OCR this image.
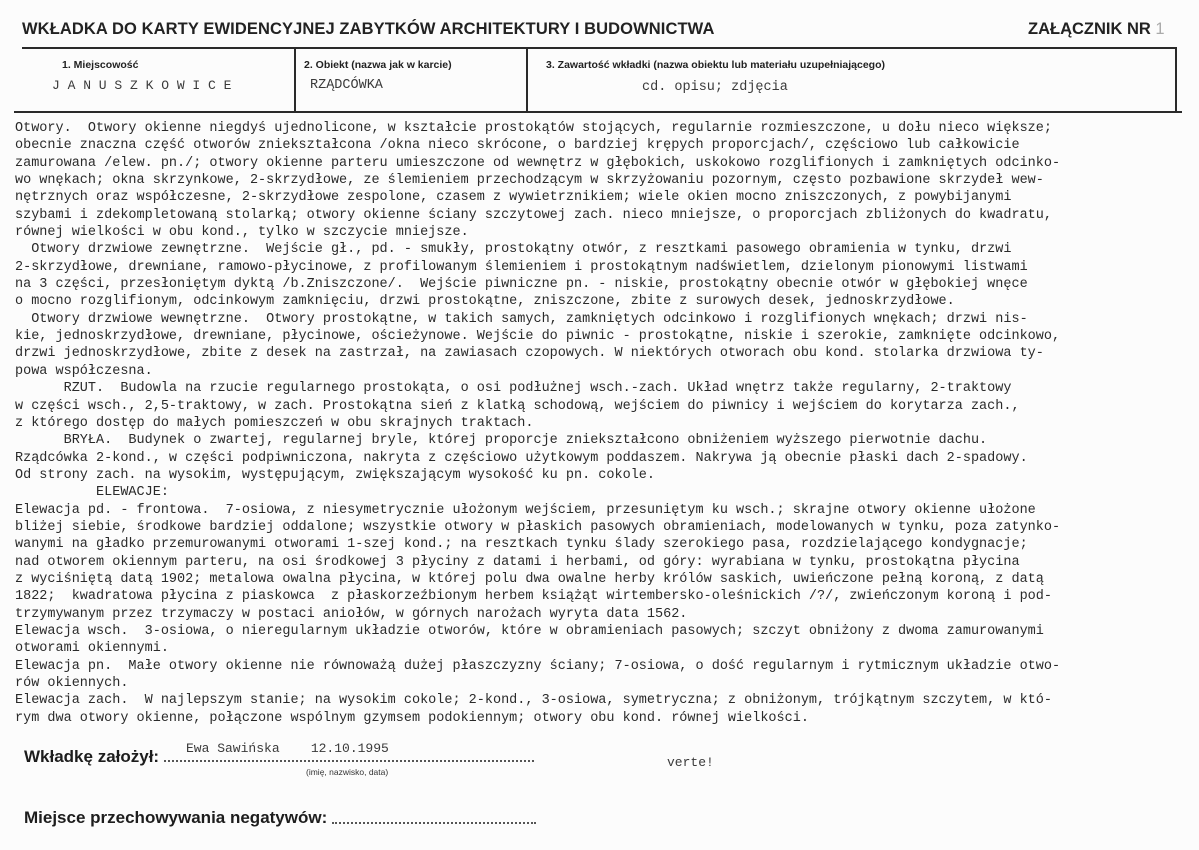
WKŁADKA DO KARTY EWIDENCYJNEJ ZABYTKÓW ARCHITEKTURY I BUDOWNICTWA	ZAŁĄCZNIK NR 1
1. Miejscowość
J A N U S Z K O W I C E
2. Obiekt (nazwa jak w karcie)
RZĄDCÓWKA
3. Zawartość wkładki (nazwa obiektu lub materiału uzupełniającego)
cd. opisu; zdjęcia
Otwory.  Otwory okienne niegdyś ujednolicone, w kształcie prostokątów stojących, regularnie rozmieszczone, u dołu nieco większe;
obecnie znaczna część otworów zniekształcona /okna nieco skrócone, o bardziej krępych proporcjach/, częściowo lub całkowicie
zamurowana /elew. pn./; otwory okienne parteru umieszczone od wewnętrz w głębokich, uskokowo rozglifionych i zamkniętych odcinko-
wo wnękach; okna skrzynkowe, 2-skrzydłowe, ze ślemieniem przechodzącym w skrzyżowaniu pozornym, często pozbawione skrzydeł wew-
nętrznych oraz współczesne, 2-skrzydłowe zespolone, czasem z wywietrznikiem; wiele okien mocno zniszczonych, z powybijanymi
szybami i zdekompletowaną stolarką; otwory okienne ściany szczytowej zach. nieco mniejsze, o proporcjach zbliżonych do kwadratu,
równej wielkości w obu kond., tylko w szczycie mniejsze.
Otwory drzwiowe zewnętrzne.  Wejście gł., pd. - smukły, prostokątny otwór, z resztkami pasowego obramienia w tynku, drzwi
2-skrzydłowe, drewniane, ramowo-płycinowe, z profilowanym ślemieniem i prostokątnym nadświetlem, dzielonym pionowymi listwami
na 3 części, przesłoniętym dyktą /b.Zniszczone/.  Wejście piwniczne pn. - niskie, prostokątny obecnie otwór w głębokiej wnęce
o mocno rozglifionym, odcinkowym zamknięciu, drzwi prostokątne, zniszczone, zbite z surowych desek, jednoskrzydłowe.
Otwory drzwiowe wewnętrzne.  Otwory prostokątne, w takich samych, zamkniętych odcinkowo i rozglifionych wnękach; drzwi nis-
kie, jednoskrzydłowe, drewniane, płycinowe, ościeżynowe. Wejście do piwnic - prostokątne, niskie i szerokie, zamknięte odcinkowo,
drzwi jednoskrzydłowe, zbite z desek na zastrzał, na zawiasach czopowych. W niektórych otworach obu kond. stolarka drzwiowa ty-
powa współczesna.
RZUT.  Budowla na rzucie regularnego prostokąta, o osi podłużnej wsch.-zach. Układ wnętrz także regularny, 2-traktowy
w części wsch., 2,5-traktowy, w zach. Prostokątna sień z klatką schodową, wejściem do piwnicy i wejściem do korytarza zach.,
z którego dostęp do małych pomieszczeń w obu skrajnych traktach.
BRYŁA.  Budynek o zwartej, regularnej bryle, której proporcje zniekształcono obniżeniem wyższego pierwotnie dachu.
Rządcówka 2-kond., w części podpiwniczona, nakryta z częściowo użytkowym poddaszem. Nakrywa ją obecnie płaski dach 2-spadowy.
Od strony zach. na wysokim, występującym, zwiększającym wysokość ku pn. cokole.
ELEWACJE:
Elewacja pd. - frontowa.  7-osiowa, z niesymetrycznie ułożonym wejściem, przesuniętym ku wsch.; skrajne otwory okienne ułożone
bliżej siebie, środkowe bardziej oddalone; wszystkie otwory w płaskich pasowych obramieniach, modelowanych w tynku, poza zatynko-
wanymi na gładko przemurowanymi otworami 1-szej kond.; na resztkach tynku ślady szerokiego pasa, rozdzielającego kondygnacje;
nad otworem okiennym parteru, na osi środkowej 3 płyciny z datami i herbami, od góry: wyrabiana w tynku, prostokątna płycina
z wyciśniętą datą 1902; metalowa owalna płycina, w której polu dwa owalne herby królów saskich, uwieńczone pełną koroną, z datą
1822;  kwadratowa płycina z piaskowca  z płaskorzeźbionym herbem książąt wirtembersko-oleśnickich /?/, zwieńczonym koroną i pod-
trzymywanym przez trzymaczy w postaci aniołów, w górnych narożach wyryta data 1562.
Elewacja wsch.  3-osiowa, o nieregularnym układzie otworów, które w obramieniach pasowych; szczyt obniżony z dwoma zamurowanymi
otworami okiennymi.
Elewacja pn.  Małe otwory okienne nie równoważą dużej płaszczyzny ściany; 7-osiowa, o dość regularnym i rytmicznym układzie otwo-
rów okiennych.
Elewacja zach.  W najlepszym stanie; na wysokim cokole; 2-kond., 3-osiowa, symetryczna; z obniżonym, trójkątnym szczytem, w któ-
rym dwa otwory okienne, połączone wspólnym gzymsem podokiennym; otwory obu kond. równej wielkości.
Wkładkę założył: Ewa Sawińska    12.10.1995
(imię, nazwisko, data)
verte!
Miejsce przechowywania negatywów:
